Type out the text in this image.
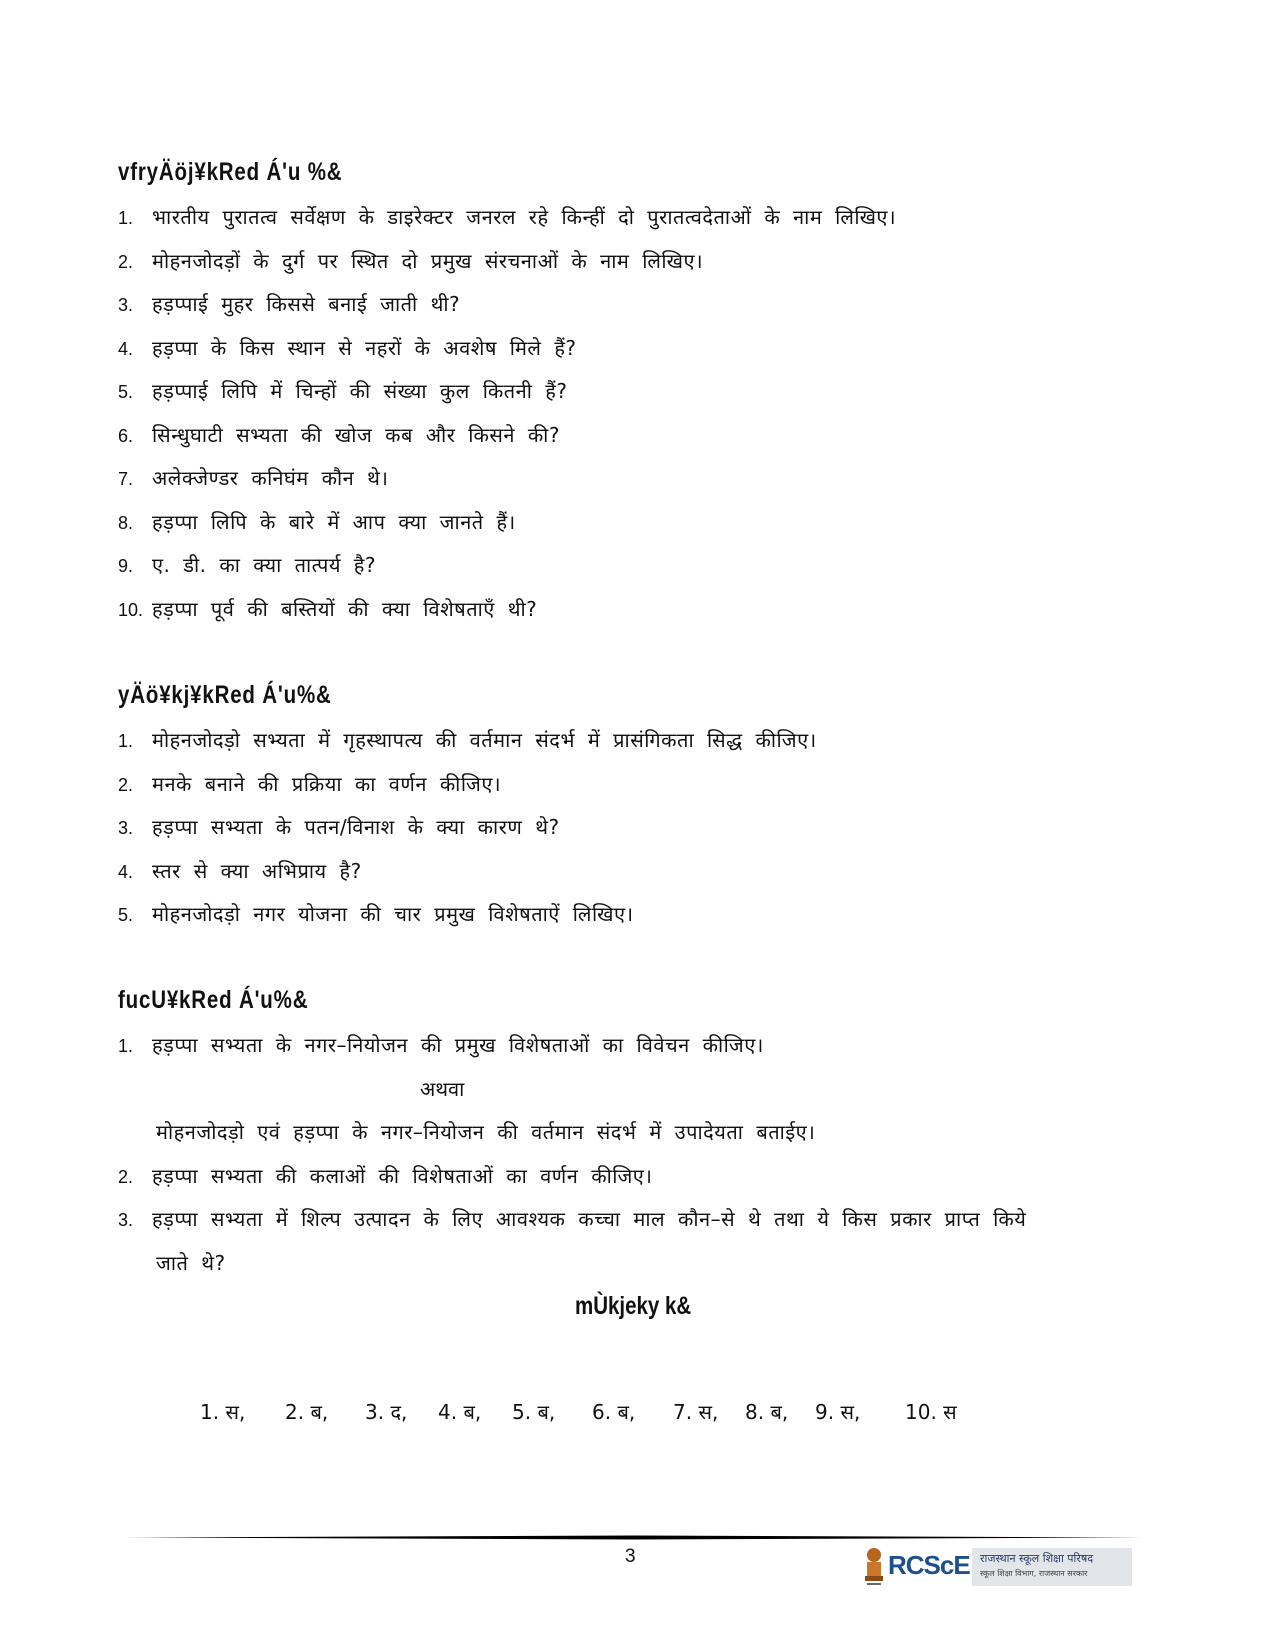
vfryÄöj¥kRed Á'u %&
1. भारतीय पुरातत्व सर्वेक्षण के डाइरेक्टर जनरल रहे किन्हीं दो पुरातत्वदेताओं के नाम लिखिए।
2. मोहनजोदड़ों के दुर्ग पर स्थित दो प्रमुख संरचनाओं के नाम लिखिए।
3. हड़प्पाई मुहर किससे बनाई जाती थी?
4. हड़प्पा के किस स्थान से नहरों के अवशेष मिले हैं?
5. हड़प्पाई लिपि में चिन्हों की संख्या कुल कितनी हैं?
6. सिन्धुघाटी सभ्यता की खोज कब और किसने की?
7. अलेक्जेण्डर कनिघंम कौन थे।
8. हड़प्पा लिपि के बारे में आप क्या जानते हैं।
9. ए. डी. का क्या तात्पर्य है?
10. हड़प्पा पूर्व की बस्तियों की क्या विशेषताएँ थी?
yÄö¥kj¥kRed Á'u%&
1. मोहनजोदड़ो सभ्यता में गृहस्थापत्य की वर्तमान संदर्भ में प्रासंगिकता सिद्ध कीजिए।
2. मनके बनाने की प्रक्रिया का वर्णन कीजिए।
3. हड़प्पा सभ्यता के पतन/विनाश के क्या कारण थे?
4. स्तर से क्या अभिप्राय है?
5. मोहनजोदड़ो नगर योजना की चार प्रमुख विशेषताऐं लिखिए।
fucU¥kRed Á'u%&
1. हड़प्पा सभ्यता के नगर–नियोजन की प्रमुख विशेषताओं का विवेचन कीजिए।
अथवा
मोहनजोदड़ो एवं हड़प्पा के नगर–नियोजन की वर्तमान संदर्भ में उपादेयता बताईए।
2. हड़प्पा सभ्यता की कलाओं की विशेषताओं का वर्णन कीजिए।
3. हड़प्पा सभ्यता में शिल्प उत्पादन के लिए आवश्यक कच्चा माल कौन–से थे तथा ये किस प्रकार प्राप्त किये
जाते थे?
mÙkjeky k&
1. स, 2. ब, 3. द, 4. ब, 5. ब, 6. ब, 7. स, 8. ब, 9. स, 10. स
3	RCScE राजस्थान स्कूल शिक्षा परिषद
स्कूल शिक्षा विभाग, राजस्थान सरकार
